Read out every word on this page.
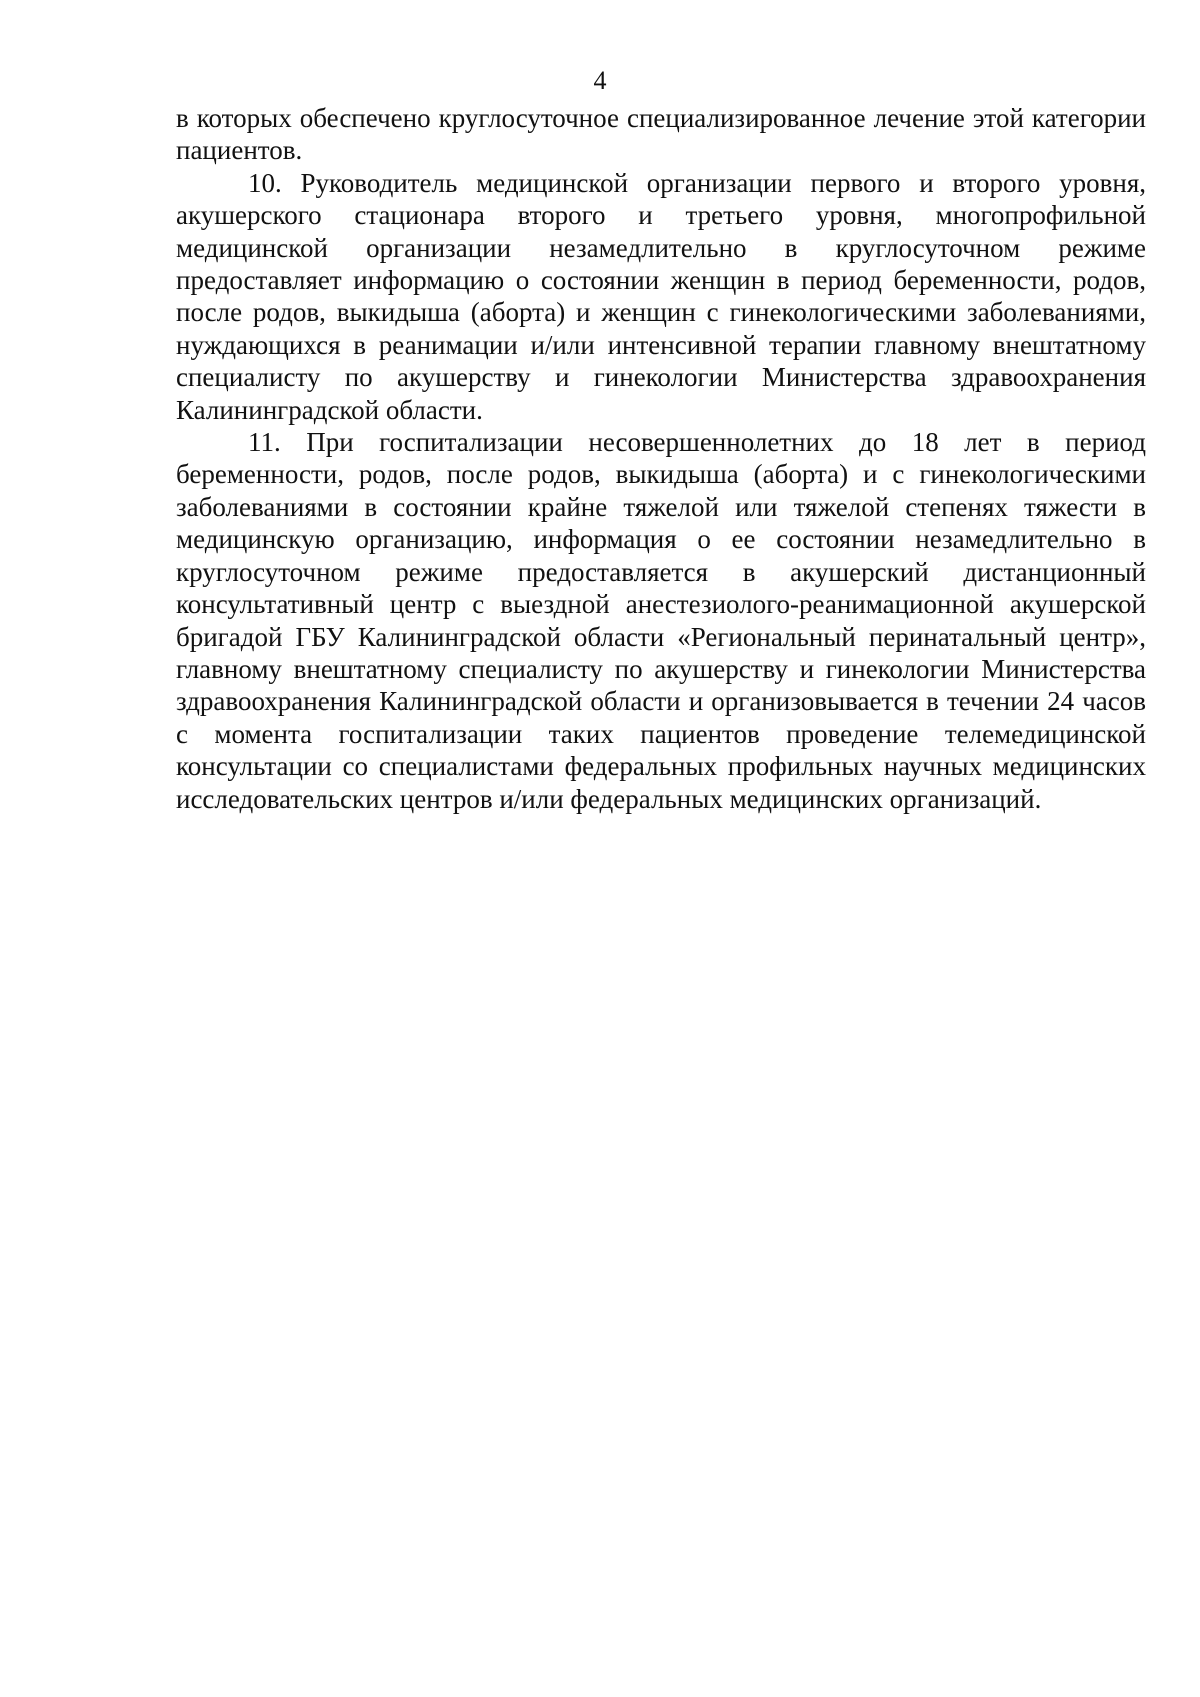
4

в которых обеспечено круглосуточное специализированное лечение этой категории пациентов.

10. Руководитель медицинской организации первого и второго уровня, акушерского стационара второго и третьего уровня, многопрофильной медицинской организации незамедлительно в круглосуточном режиме предоставляет информацию о состоянии женщин в период беременности, родов, после родов, выкидыша (аборта) и женщин с гинекологическими заболеваниями, нуждающихся в реанимации и/или интенсивной терапии главному внештатному специалисту по акушерству и гинекологии Министерства здравоохранения Калининградской области.

11. При госпитализации несовершеннолетних до 18 лет в период беременности, родов, после родов, выкидыша (аборта) и с гинекологическими заболеваниями в состоянии крайне тяжелой или тяжелой степенях тяжести в медицинскую организацию, информация о ее состоянии незамедлительно в круглосуточном режиме предоставляется в акушерский дистанционный консультативный центр с выездной анестезиолого-реанимационной акушерской бригадой ГБУ Калининградской области «Региональный перинатальный центр», главному внештатному специалисту по акушерству и гинекологии Министерства здравоохранения Калининградской области и организовывается в течении 24 часов с момента госпитализации таких пациентов проведение телемедицинской консультации со специалистами федеральных профильных научных медицинских исследовательских центров и/или федеральных медицинских организаций.
